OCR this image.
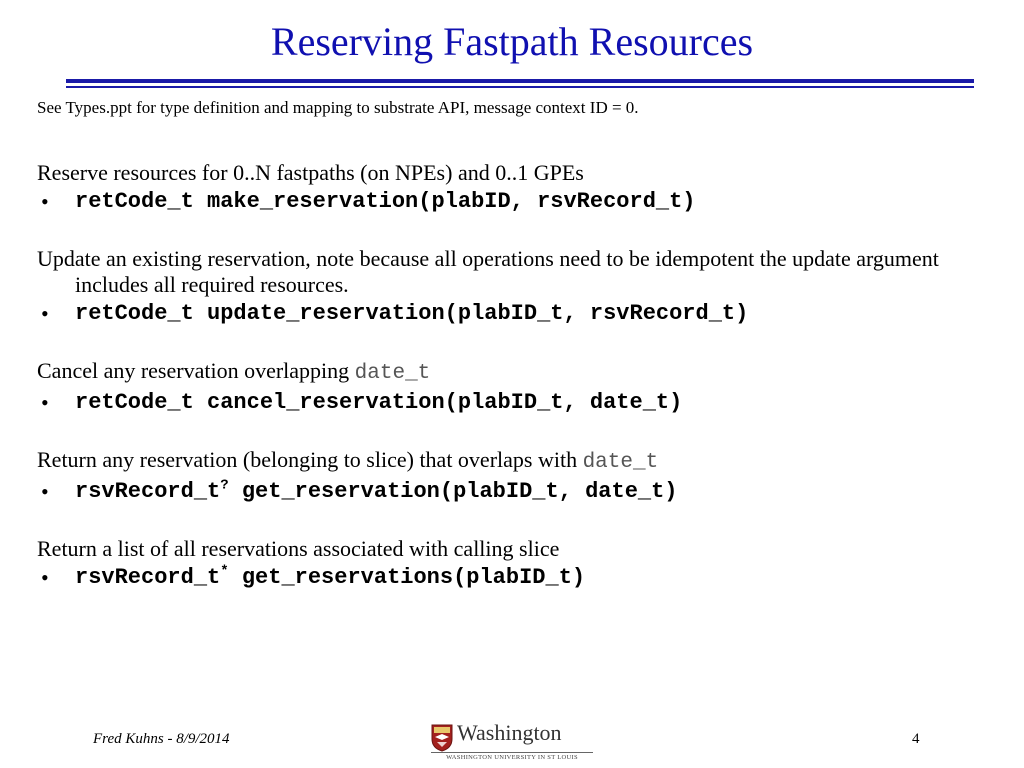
Reserving Fastpath Resources
See Types.ppt for type definition and mapping to substrate API, message context ID = 0.

Reserve resources for 0..N fastpaths (on NPEs) and 0..1 GPEs

• retCode_t make_reservation(plabID, rsvRecord_t)

Update an existing reservation, note because all operations need to be idempotent the update argument includes all required resources.

• retCode_t update_reservation(plabID_t, rsvRecord_t)

Cancel any reservation overlapping date_t

• retCode_t cancel_reservation(plabID_t, date_t)

Return any reservation (belonging to slice) that overlaps with date_t

• rsvRecord_t? get_reservation(plabID_t, date_t)

Return a list of all reservations associated with calling slice

• rsvRecord_t* get_reservations(plabID_t)
Fred Kuhns - 8/9/2014	Washington
WASHINGTON UNIVERSITY IN ST LOUIS
4
